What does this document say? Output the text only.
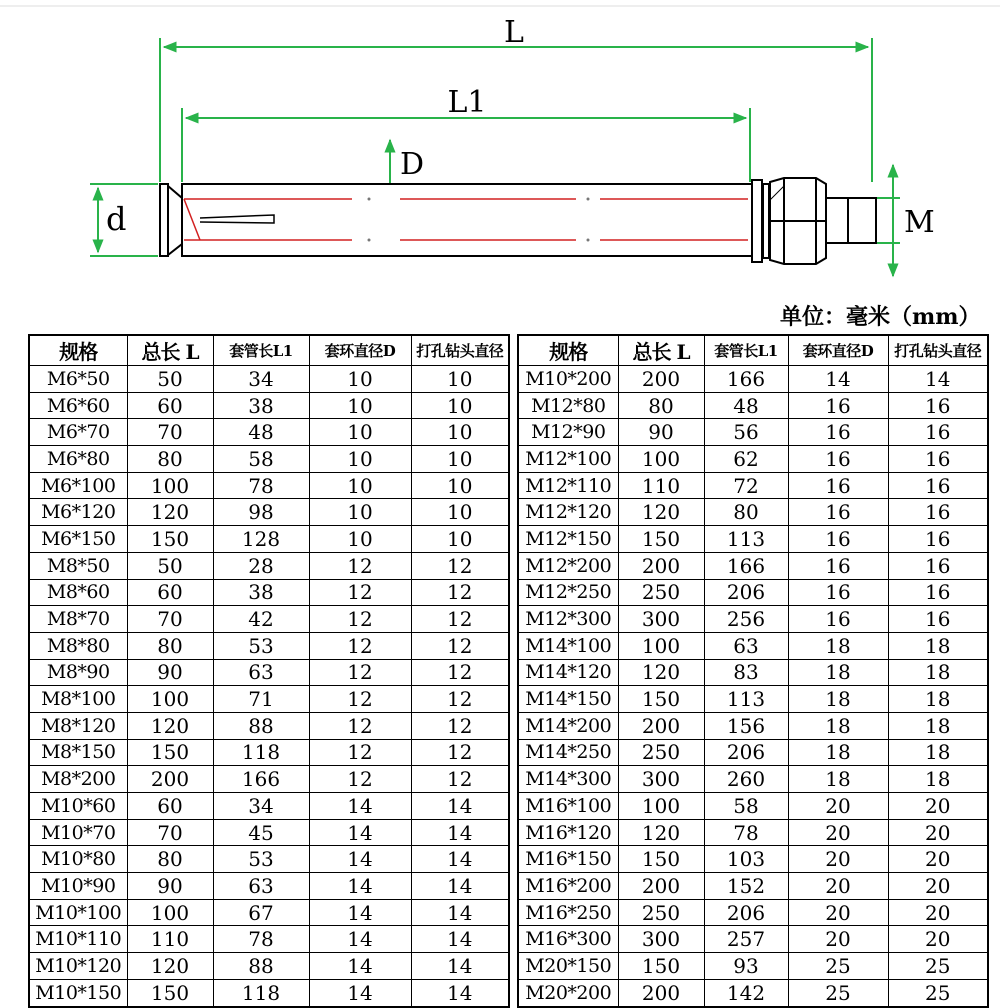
L
L1
D
d	M
单位：毫米（mm）
规格	总长 L	套管长L1	套环直径D	打孔钻头直径
M6*50	50	34	10	10
M6*60	60	38	10	10
M6*70	70	48	10	10
M6*80	80	58	10	10
M6*100	100	78	10	10
M6*120	120	98	10	10
M6*150	150	128	10	10
M8*50	50	28	12	12
M8*60	60	38	12	12
M8*70	70	42	12	12
M8*80	80	53	12	12
M8*90	90	63	12	12
M8*100	100	71	12	12
M8*120	120	88	12	12
M8*150	150	118	12	12
M8*200	200	166	12	12
M10*60	60	34	14	14
M10*70	70	45	14	14
M10*80	80	53	14	14
M10*90	90	63	14	14
M10*100	100	67	14	14
M10*110	110	78	14	14
M10*120	120	88	14	14
M10*150	150	118	14	14
规格	总长 L	套管长L1	套环直径D	打孔钻头直径
M10*200	200	166	14	14
M12*80	80	48	16	16
M12*90	90	56	16	16
M12*100	100	62	16	16
M12*110	110	72	16	16
M12*120	120	80	16	16
M12*150	150	113	16	16
M12*200	200	166	16	16
M12*250	250	206	16	16
M12*300	300	256	16	16
M14*100	100	63	18	18
M14*120	120	83	18	18
M14*150	150	113	18	18
M14*200	200	156	18	18
M14*250	250	206	18	18
M14*300	300	260	18	18
M16*100	100	58	20	20
M16*120	120	78	20	20
M16*150	150	103	20	20
M16*200	200	152	20	20
M16*250	250	206	20	20
M16*300	300	257	20	20
M20*150	150	93	25	25
M20*200	200	142	25	25
